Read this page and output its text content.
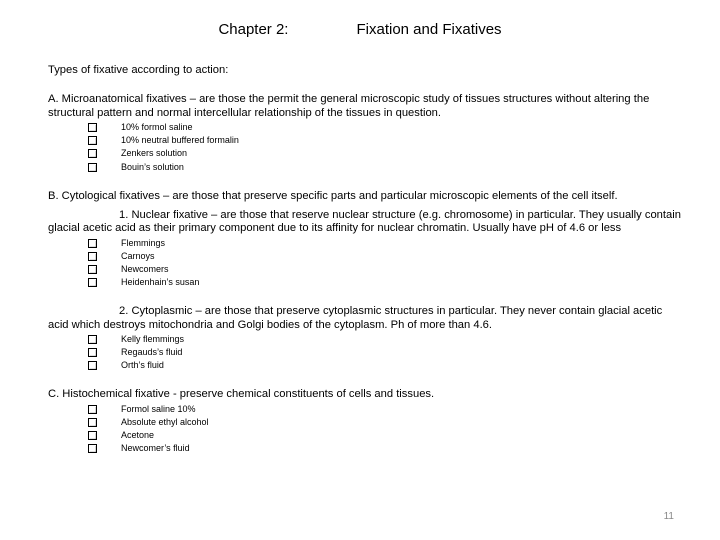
Chapter 2:	Fixation and Fixatives

Types of fixative according to action:

A. Microanatomical fixatives – are those the permit the general microscopic study of tissues structures without altering the structural pattern and normal intercellular relationship of the tissues in question.

10% formol saline
10% neutral buffered formalin
Zenkers solution
Bouin’s solution

B. Cytological fixatives – are those that preserve specific parts and particular microscopic elements of the cell itself.

1. Nuclear fixative – are those that reserve nuclear structure (e.g. chromosome) in particular. They usually contain glacial acetic acid as their primary component due to its affinity for nuclear chromatin. Usually have pH of 4.6 or less

Flemmings
Carnoys
Newcomers
Heidenhain’s susan

2. Cytoplasmic – are those that preserve cytoplasmic structures in particular. They never contain glacial acetic acid which destroys mitochondria and Golgi bodies of the cytoplasm. Ph of more than 4.6.

Kelly flemmings
Regauds’s fluid
Orth’s fluid

C. Histochemical fixative - preserve chemical constituents of cells and tissues.

Formol saline 10%
Absolute ethyl alcohol
Acetone
Newcomer’s fluid
11
